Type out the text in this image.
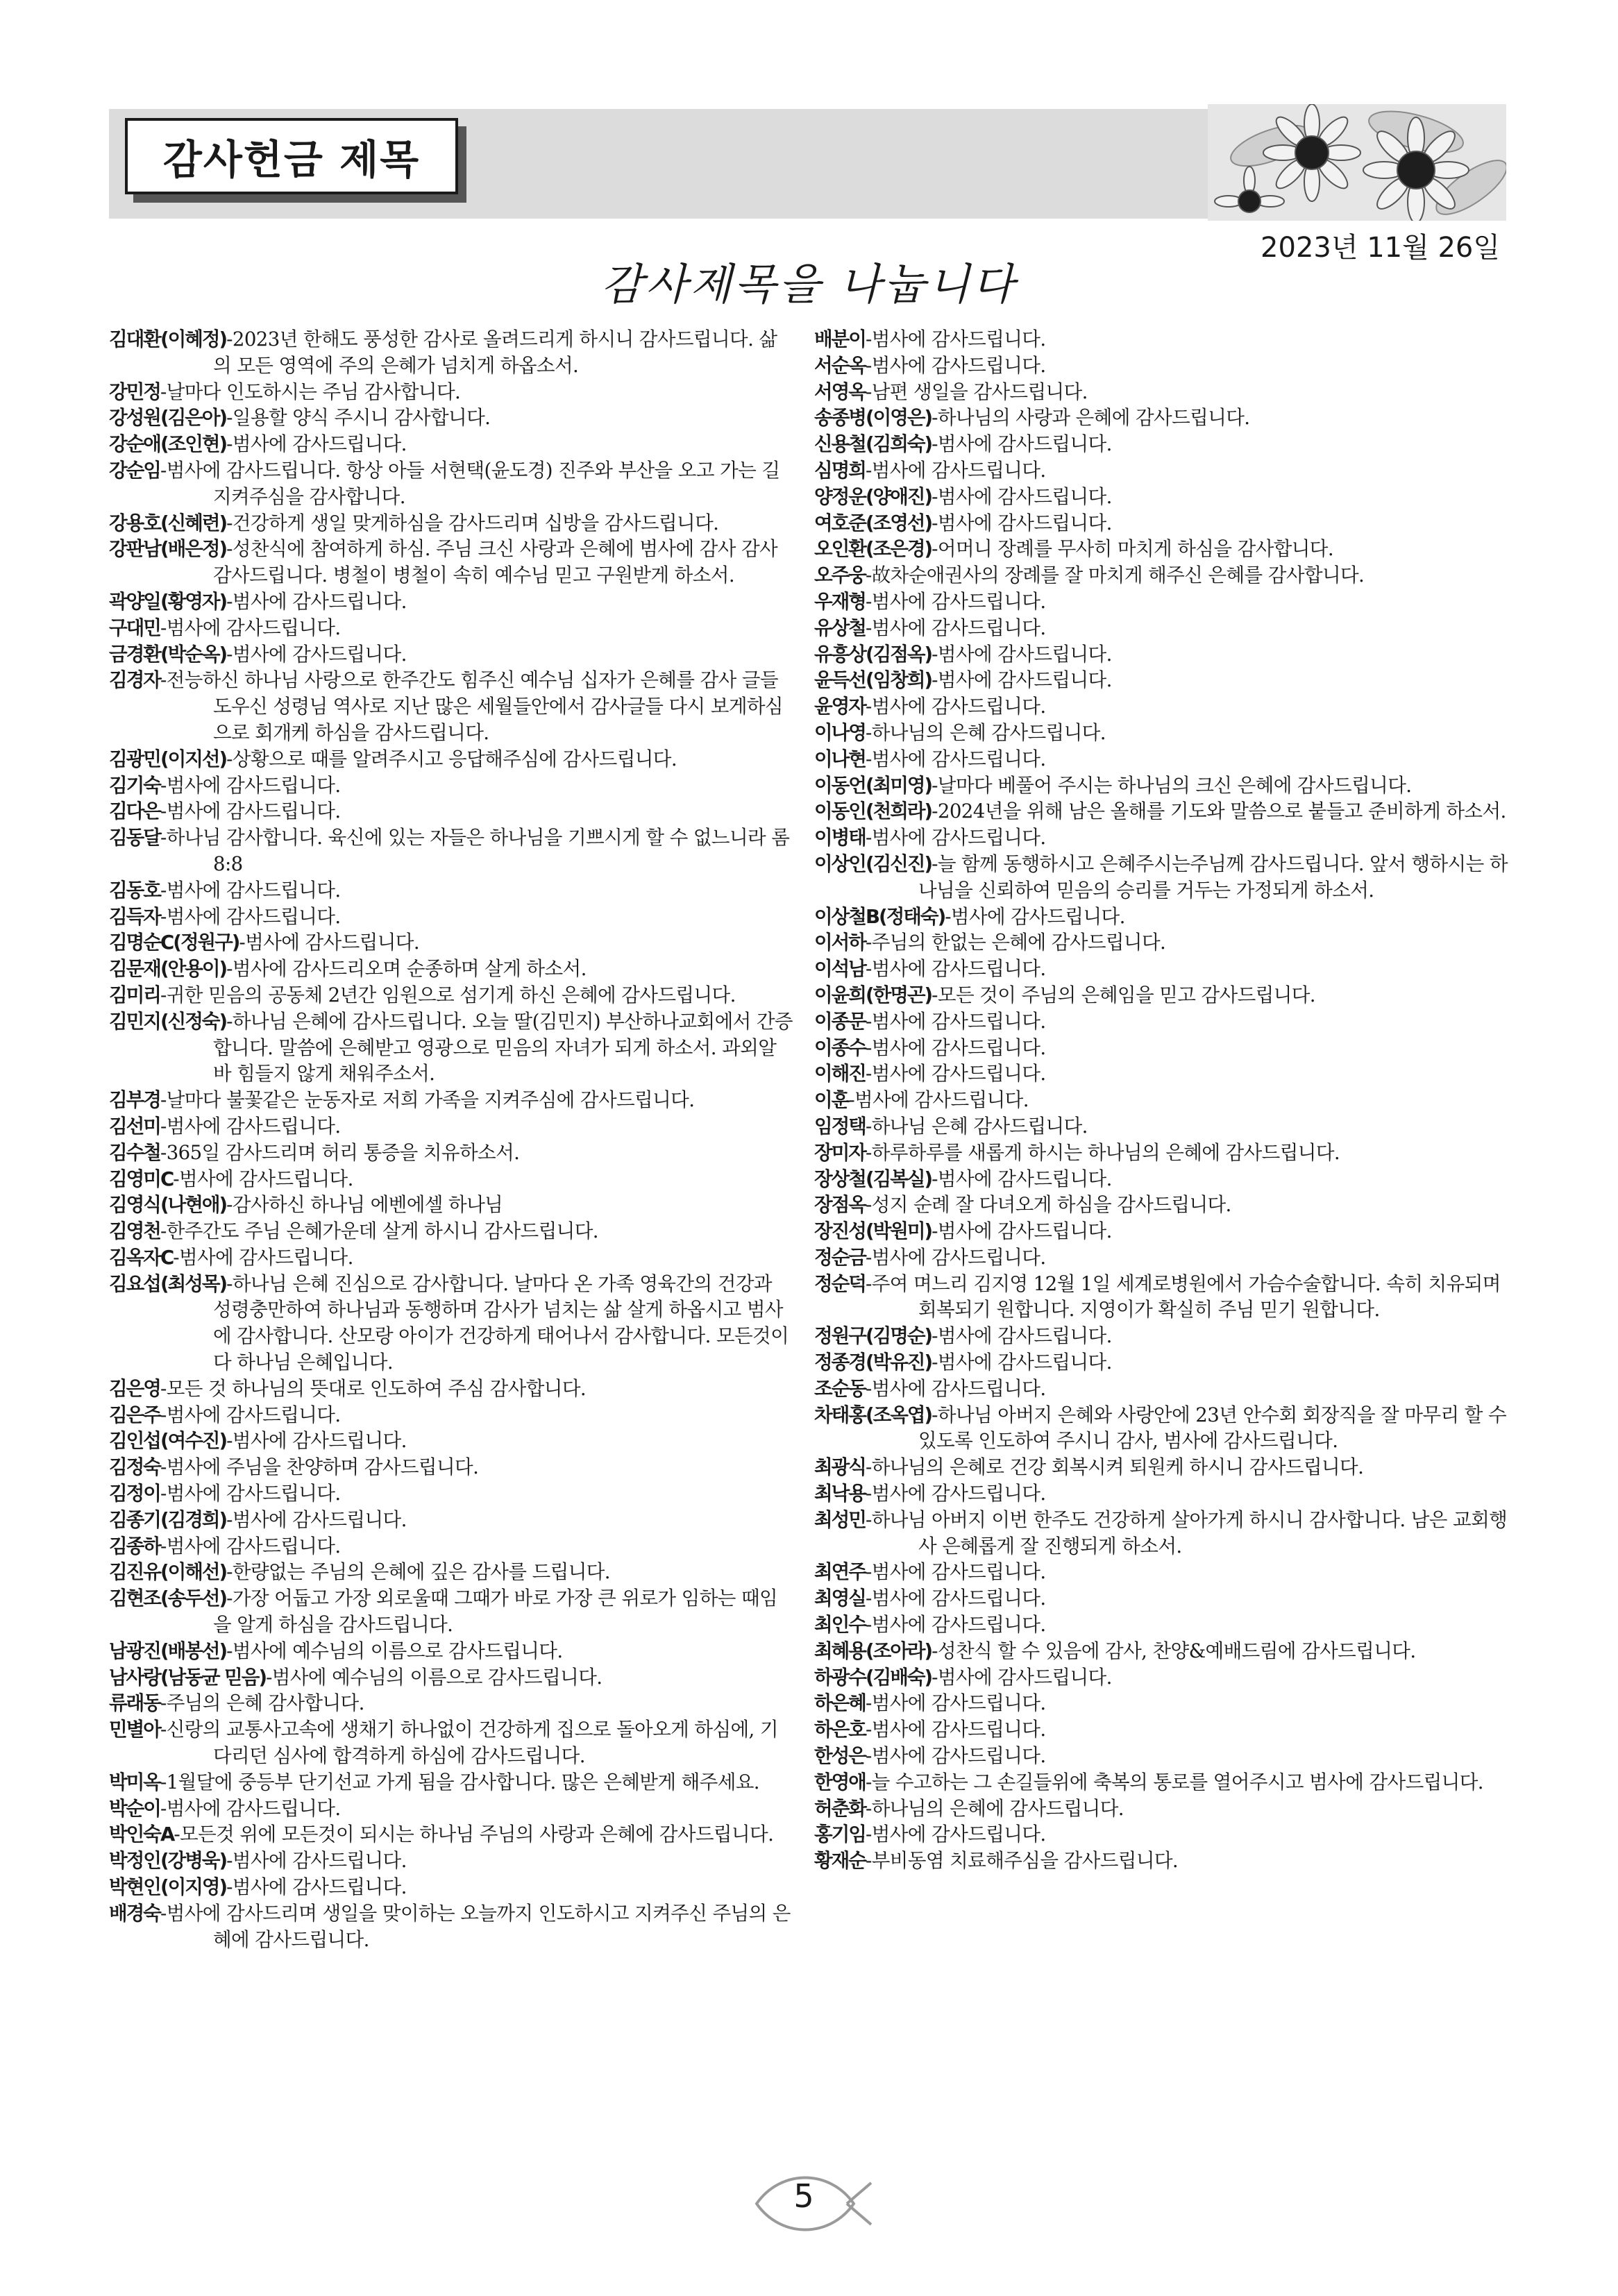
감사헌금 제목
2023년 11월 26일
감사제목을 나눕니다

김대환(이혜정)-2023년 한해도 풍성한 감사로 올려드리게 하시니 감사드립니다. 삶의 모든 영역에 주의 은혜가 넘치게 하옵소서.

강민정-날마다 인도하시는 주님 감사합니다.

강성원(김은아)-일용할 양식 주시니 감사합니다.

강순애(조인현)-범사에 감사드립니다.

강순임-범사에 감사드립니다. 항상 아들 서현택(윤도경) 진주와 부산을 오고 가는 길 지켜주심을 감사합니다.

강용호(신혜련)-건강하게 생일 맞게하심을 감사드리며 십방을 감사드립니다.

강판남(배은정)-성찬식에 참여하게 하심. 주님 크신 사랑과 은혜에 범사에 감사 감사 감사드립니다. 병철이 병철이 속히 예수님 믿고 구원받게 하소서.

곽양일(황영자)-범사에 감사드립니다.

구대민-범사에 감사드립니다.

금경환(박순옥)-범사에 감사드립니다.

김경자-전능하신 하나님 사랑으로 한주간도 힘주신 예수님 십자가 은혜를 감사 글들 도우신 성령님 역사로 지난 많은 세월들안에서 감사글들 다시 보게하심으로 회개케 하심을 감사드립니다.

김광민(이지선)-상황으로 때를 알려주시고 응답해주심에 감사드립니다.

김기숙-범사에 감사드립니다.

김다은-범사에 감사드립니다.

김동달-하나님 감사합니다. 육신에 있는 자들은 하나님을 기쁘시게 할 수 없느니라 롬 8:8

김동호-범사에 감사드립니다.

김득자-범사에 감사드립니다.

김명순C(정원구)-범사에 감사드립니다.

김문재(안용이)-범사에 감사드리오며 순종하며 살게 하소서.

김미리-귀한 믿음의 공동체 2년간 임원으로 섬기게 하신 은혜에 감사드립니다.

김민지(신정숙)-하나님 은혜에 감사드립니다. 오늘 딸(김민지) 부산하나교회에서 간증합니다. 말씀에 은혜받고 영광으로 믿음의 자녀가 되게 하소서. 과외알바 힘들지 않게 채워주소서.

김부경-날마다 불꽃같은 눈동자로 저희 가족을 지켜주심에 감사드립니다.

김선미-범사에 감사드립니다.

김수철-365일 감사드리며 허리 통증을 치유하소서.

김영미C-범사에 감사드립니다.

김영식(나현애)-감사하신 하나님 에벤에셀 하나님

김영천-한주간도 주님 은혜가운데 살게 하시니 감사드립니다.

김옥자C-범사에 감사드립니다.

김요섭(최성목)-하나님 은혜 진심으로 감사합니다. 날마다 온 가족 영육간의 건강과 성령충만하여 하나님과 동행하며 감사가 넘치는 삶 살게 하옵시고 범사에 감사합니다. 산모랑 아이가 건강하게 태어나서 감사합니다. 모든것이 다 하나님 은혜입니다.

김은영-모든 것 하나님의 뜻대로 인도하여 주심 감사합니다.

김은주-범사에 감사드립니다.

김인섭(여수진)-범사에 감사드립니다.

김정숙-범사에 주님을 찬양하며 감사드립니다.

김정이-범사에 감사드립니다.

김종기(김경희)-범사에 감사드립니다.

김종하-범사에 감사드립니다.

김진유(이해선)-한량없는 주님의 은혜에 깊은 감사를 드립니다.

김현조(송두선)-가장 어둡고 가장 외로울때 그때가 바로 가장 큰 위로가 임하는 때임을 알게 하심을 감사드립니다.

남광진(배봉선)-범사에 예수님의 이름으로 감사드립니다.

남사랑(남동균 믿음)-범사에 예수님의 이름으로 감사드립니다.

류래동-주님의 은혜 감사합니다.

민별아-신랑의 교통사고속에 생채기 하나없이 건강하게 집으로 돌아오게 하심에, 기다리던 심사에 합격하게 하심에 감사드립니다.

박미옥-1월달에 중등부 단기선교 가게 됨을 감사합니다. 많은 은혜받게 해주세요.

박순이-범사에 감사드립니다.

박인숙A-모든것 위에 모든것이 되시는 하나님 주님의 사랑과 은혜에 감사드립니다.

박정인(강병욱)-범사에 감사드립니다.

박현인(이지영)-범사에 감사드립니다.

배경숙-범사에 감사드리며 생일을 맞이하는 오늘까지 인도하시고 지켜주신 주님의 은혜에 감사드립니다.

배분이-범사에 감사드립니다.

서순옥-범사에 감사드립니다.

서영옥-남편 생일을 감사드립니다.

송종병(이영은)-하나님의 사랑과 은혜에 감사드립니다.

신용철(김희숙)-범사에 감사드립니다.

심명희-범사에 감사드립니다.

양정운(양애진)-범사에 감사드립니다.

여호준(조영선)-범사에 감사드립니다.

오인환(조은경)-어머니 장례를 무사히 마치게 하심을 감사합니다.

오주웅-故차순애권사의 장례를 잘 마치게 해주신 은혜를 감사합니다.

우재형-범사에 감사드립니다.

유상철-범사에 감사드립니다.

유흥상(김점옥)-범사에 감사드립니다.

윤득선(임창희)-범사에 감사드립니다.

윤영자-범사에 감사드립니다.

이나영-하나님의 은혜 감사드립니다.

이나현-범사에 감사드립니다.

이동언(최미영)-날마다 베풀어 주시는 하나님의 크신 은혜에 감사드립니다.

이동인(천희라)-2024년을 위해 남은 올해를 기도와 말씀으로 붙들고 준비하게 하소서.

이병태-범사에 감사드립니다.

이상인(김신진)-늘 함께 동행하시고 은혜주시는주님께 감사드립니다. 앞서 행하시는 하나님을 신뢰하여 믿음의 승리를 거두는 가정되게 하소서.

이상철B(정태숙)-범사에 감사드립니다.

이서하-주님의 한없는 은혜에 감사드립니다.

이석남-범사에 감사드립니다.

이윤희(한명곤)-모든 것이 주님의 은혜임을 믿고 감사드립니다.

이종문-범사에 감사드립니다.

이종수-범사에 감사드립니다.

이해진-범사에 감사드립니다.

이훈-범사에 감사드립니다.

임정택-하나님 은혜 감사드립니다.

장미자-하루하루를 새롭게 하시는 하나님의 은혜에 감사드립니다.

장상철(김복실)-범사에 감사드립니다.

장점옥-성지 순례 잘 다녀오게 하심을 감사드립니다.

장진성(박원미)-범사에 감사드립니다.

정순금-범사에 감사드립니다.

정순덕-주여 며느리 김지영 12월 1일 세계로병원에서 가슴수술합니다. 속히 치유되며 회복되기 원합니다. 지영이가 확실히 주님 믿기 원합니다.

정원구(김명순)-범사에 감사드립니다.

정종경(박유진)-범사에 감사드립니다.

조순동-범사에 감사드립니다.

차태홍(조옥엽)-하나님 아버지 은혜와 사랑안에 23년 안수회 회장직을 잘 마무리 할 수 있도록 인도하여 주시니 감사, 범사에 감사드립니다.

최광식-하나님의 은혜로 건강 회복시켜 퇴원케 하시니 감사드립니다.

최낙용-범사에 감사드립니다.

최성민-하나님 아버지 이번 한주도 건강하게 살아가게 하시니 감사합니다. 남은 교회행사 은혜롭게 잘 진행되게 하소서.

최연주-범사에 감사드립니다.

최영실-범사에 감사드립니다.

최인수-범사에 감사드립니다.

최혜용(조아라)-성찬식 할 수 있음에 감사, 찬양&예배드림에 감사드립니다.

하광수(김배숙)-범사에 감사드립니다.

하은혜-범사에 감사드립니다.

하은호-범사에 감사드립니다.

한성은-범사에 감사드립니다.

한영애-늘 수고하는 그 손길들위에 축복의 통로를 열어주시고 범사에 감사드립니다.

허춘화-하나님의 은혜에 감사드립니다.

홍기임-범사에 감사드립니다.

황재순-부비동염 치료해주심을 감사드립니다.

5
